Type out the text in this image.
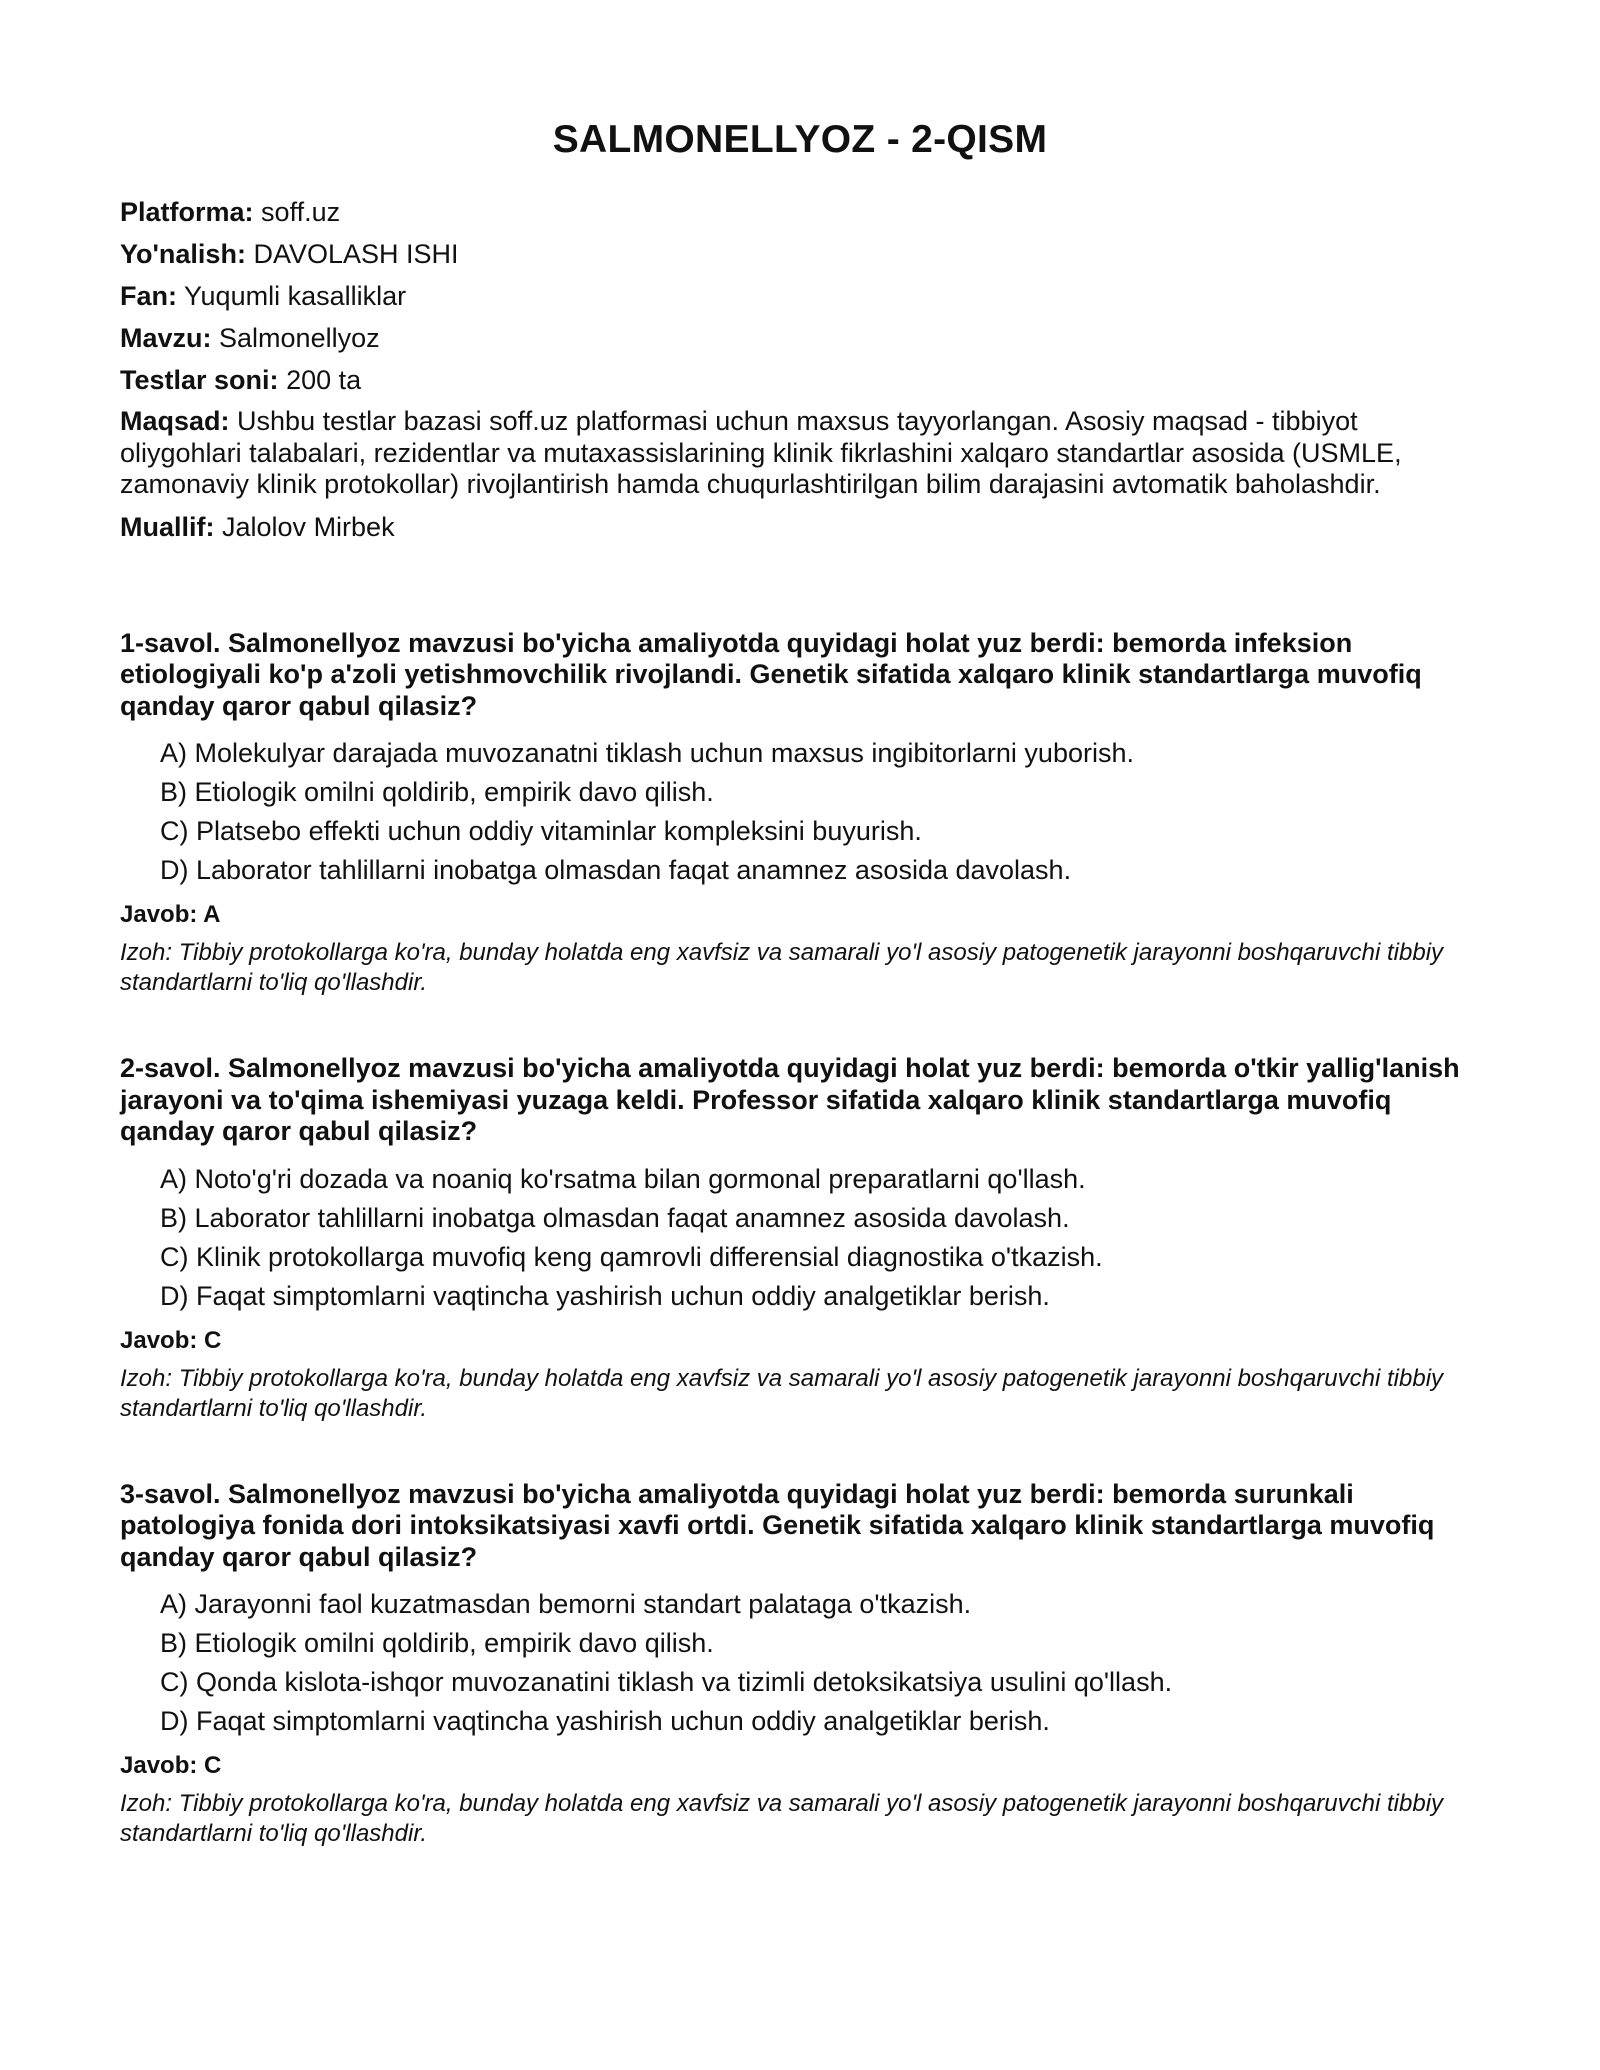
SALMONELLYOZ - 2-QISM

Platforma: soff.uz

Yo'nalish: DAVOLASH ISHI

Fan: Yuqumli kasalliklar

Mavzu: Salmonellyoz

Testlar soni: 200 ta

Maqsad: Ushbu testlar bazasi soff.uz platformasi uchun maxsus tayyorlangan. Asosiy maqsad - tibbiyot oliygohlari talabalari, rezidentlar va mutaxassislarining klinik fikrlashini xalqaro standartlar asosida (USMLE, zamonaviy klinik protokollar) rivojlantirish hamda chuqurlashtirilgan bilim darajasini avtomatik baholashdir.

Muallif: Jalolov Mirbek

1-savol. Salmonellyoz mavzusi bo'yicha amaliyotda quyidagi holat yuz berdi: bemorda infeksion etiologiyali ko'p a'zoli yetishmovchilik rivojlandi. Genetik sifatida xalqaro klinik standartlarga muvofiq qanday qaror qabul qilasiz?

A) Molekulyar darajada muvozanatni tiklash uchun maxsus ingibitorlarni yuborish.
B) Etiologik omilni qoldirib, empirik davo qilish.
C) Platsebo effekti uchun oddiy vitaminlar kompleksini buyurish.
D) Laborator tahlillarni inobatga olmasdan faqat anamnez asosida davolash.

Javob: A

Izoh: Tibbiy protokollarga ko'ra, bunday holatda eng xavfsiz va samarali yo'l asosiy patogenetik jarayonni boshqaruvchi tibbiy standartlarni to'liq qo'llashdir.

2-savol. Salmonellyoz mavzusi bo'yicha amaliyotda quyidagi holat yuz berdi: bemorda o'tkir yallig'lanish jarayoni va to'qima ishemiyasi yuzaga keldi. Professor sifatida xalqaro klinik standartlarga muvofiq qanday qaror qabul qilasiz?

A) Noto'g'ri dozada va noaniq ko'rsatma bilan gormonal preparatlarni qo'llash.
B) Laborator tahlillarni inobatga olmasdan faqat anamnez asosida davolash.
C) Klinik protokollarga muvofiq keng qamrovli differensial diagnostika o'tkazish.
D) Faqat simptomlarni vaqtincha yashirish uchun oddiy analgetiklar berish.

Javob: C

Izoh: Tibbiy protokollarga ko'ra, bunday holatda eng xavfsiz va samarali yo'l asosiy patogenetik jarayonni boshqaruvchi tibbiy standartlarni to'liq qo'llashdir.

3-savol. Salmonellyoz mavzusi bo'yicha amaliyotda quyidagi holat yuz berdi: bemorda surunkali patologiya fonida dori intoksikatsiyasi xavfi ortdi. Genetik sifatida xalqaro klinik standartlarga muvofiq qanday qaror qabul qilasiz?

A) Jarayonni faol kuzatmasdan bemorni standart palataga o'tkazish.
B) Etiologik omilni qoldirib, empirik davo qilish.
C) Qonda kislota-ishqor muvozanatini tiklash va tizimli detoksikatsiya usulini qo'llash.
D) Faqat simptomlarni vaqtincha yashirish uchun oddiy analgetiklar berish.

Javob: C

Izoh: Tibbiy protokollarga ko'ra, bunday holatda eng xavfsiz va samarali yo'l asosiy patogenetik jarayonni boshqaruvchi tibbiy standartlarni to'liq qo'llashdir.
